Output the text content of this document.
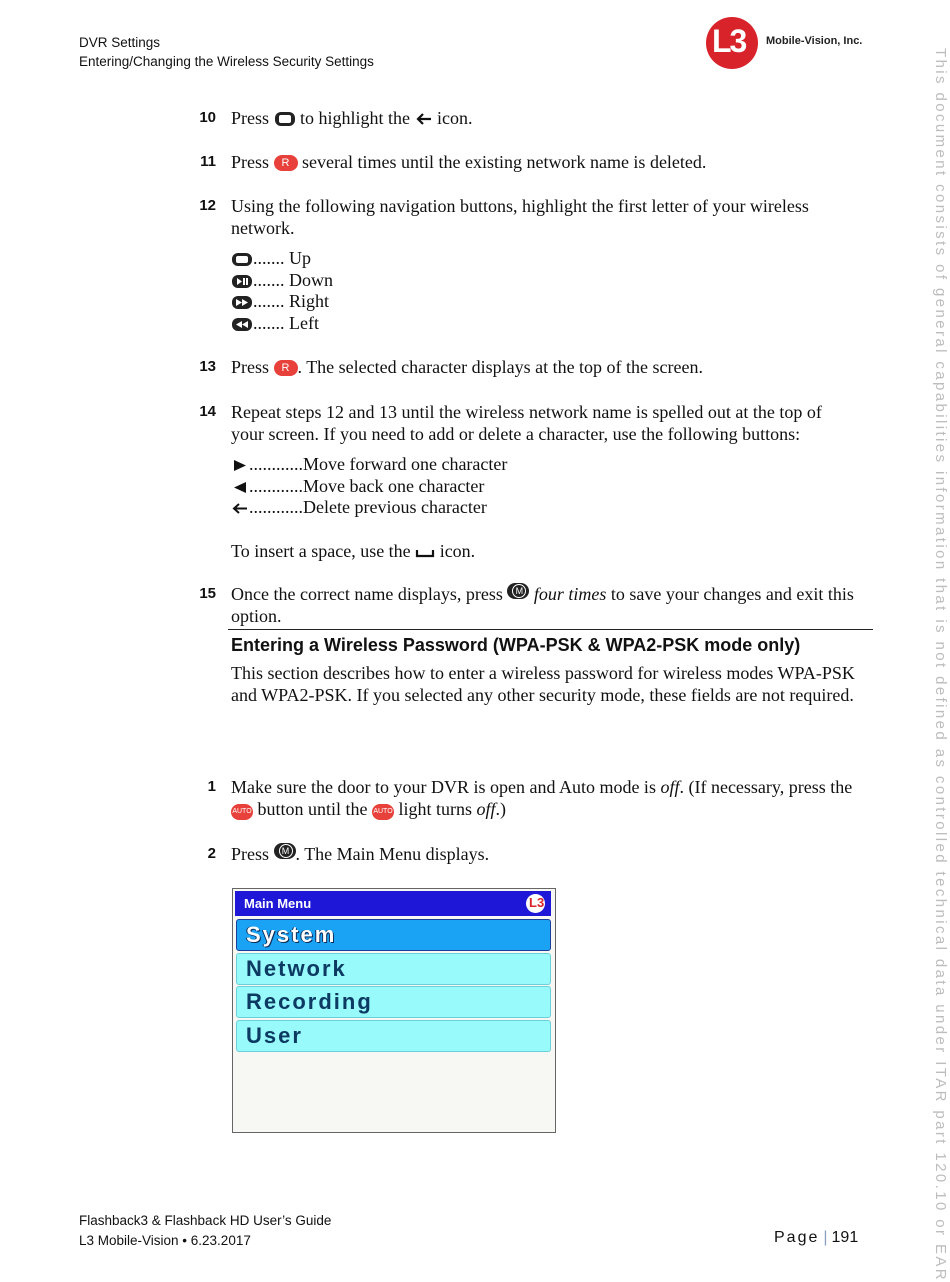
DVR Settings
Entering/Changing the Wireless Security Settings
L3 Mobile-Vision, Inc.
This document consists of general capabilities information that is not defined as controlled technical data under ITAR part 120.10 or EAR
10 Press to highlight the icon.
11 Press R several times until the existing network name is deleted.
12 Using the following navigation buttons, highlight the first letter of your wireless network.
....... Up
....... Down
....... Right
....... Left
13 Press R . The selected character displays at the top of the screen.
14 Repeat steps 12 and 13 until the wireless network name is spelled out at the top of your screen. If you need to add or delete a character, use the following buttons:
............Move forward one character
............Move back one character
............Delete previous character
To insert a space, use the icon.
15 Once the correct name displays, press	M four times to save your changes and exit this option.
Entering a Wireless Password (WPA-PSK & WPA2-PSK mode only)
This section describes how to enter a wireless password for wireless modes WPA-PSK and WPA2-PSK. If you selected any other security mode, these fields are not required.
1 Make sure the door to your DVR is open and Auto mode is off. (If necessary, press the AUTO button until the AUTO light turns off.)
2 Press	M . The Main Menu displays.
Main Menu	L3
System
Network
Recording
User
Flashback3 & Flashback HD User’s Guide
L3 Mobile-Vision • 6.23.2017	Page | 191
